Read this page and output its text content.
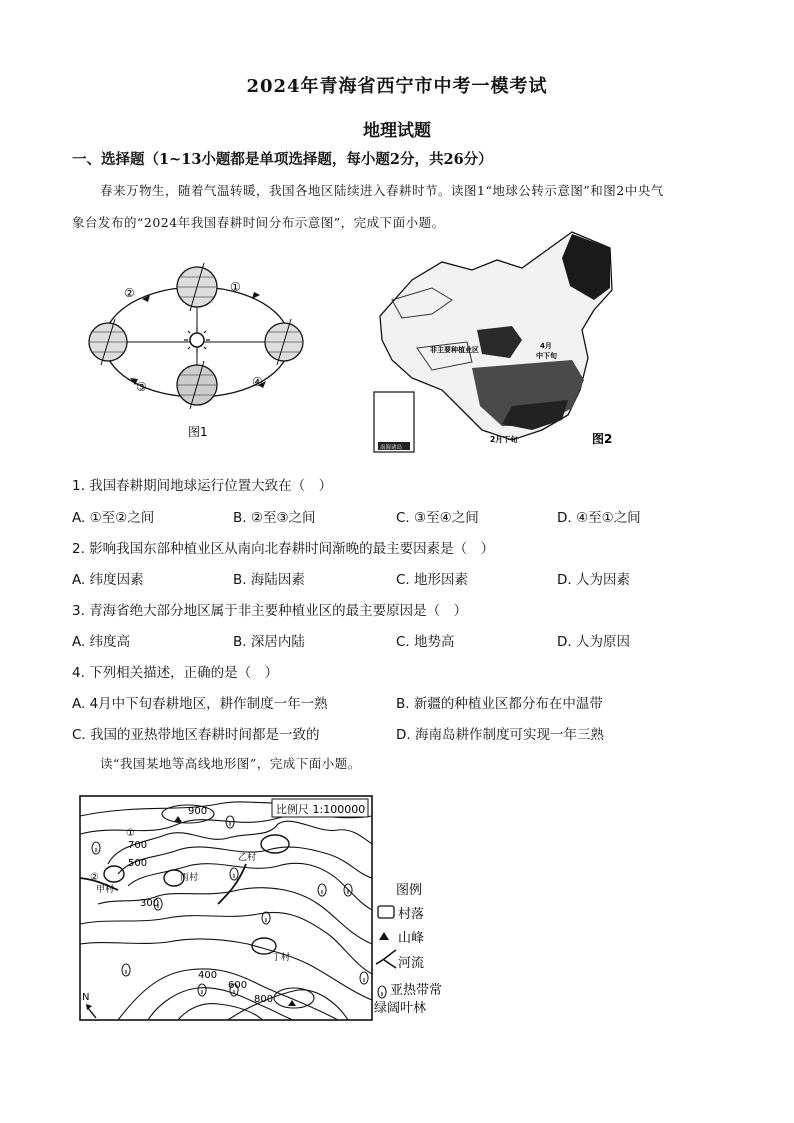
2024年青海省西宁市中考一模考试
地理试题
一、选择题（1~13小题都是单项选择题，每小题2分，共26分）
春来万物生，随着气温转暖，我国各地区陆续进入春耕时节。读图1“地球公转示意图”和图2中央气
象台发布的“2024年我国春耕时间分布示意图”，完成下面小题。
②	①
③	④
图1
非主要种植业区	4月
中下旬
2月下旬
南海诸岛
图2
1. 我国春耕期间地球运行位置大致在（　）
A. ①至②之间	B. ②至③之间	C. ③至④之间	D. ④至①之间
2. 影响我国东部种植业区从南向北春耕时间渐晚的最主要因素是（　）
A. 纬度因素	B. 海陆因素	C. 地形因素	D. 人为因素
3. 青海省绝大部分地区属于非主要种植业区的最主要原因是（　）
A. 纬度高	B. 深居内陆	C. 地势高	D. 人为原因
4. 下列相关描述，正确的是（　）
A. 4月中下旬春耕地区，耕作制度一年一熟	B. 新疆的种植业区都分布在中温带
C. 我国的亚热带地区春耕时间都是一致的	D. 海南岛耕作制度可实现一年三熟
读“我国某地等高线地形图”，完成下面小题。
比例尺 1:100000
900
700
500
300
400
600
800
甲村
乙村
丙村
丁村
①
②
N
图例
村落
山峰
河流
亚热带常
绿阔叶林
